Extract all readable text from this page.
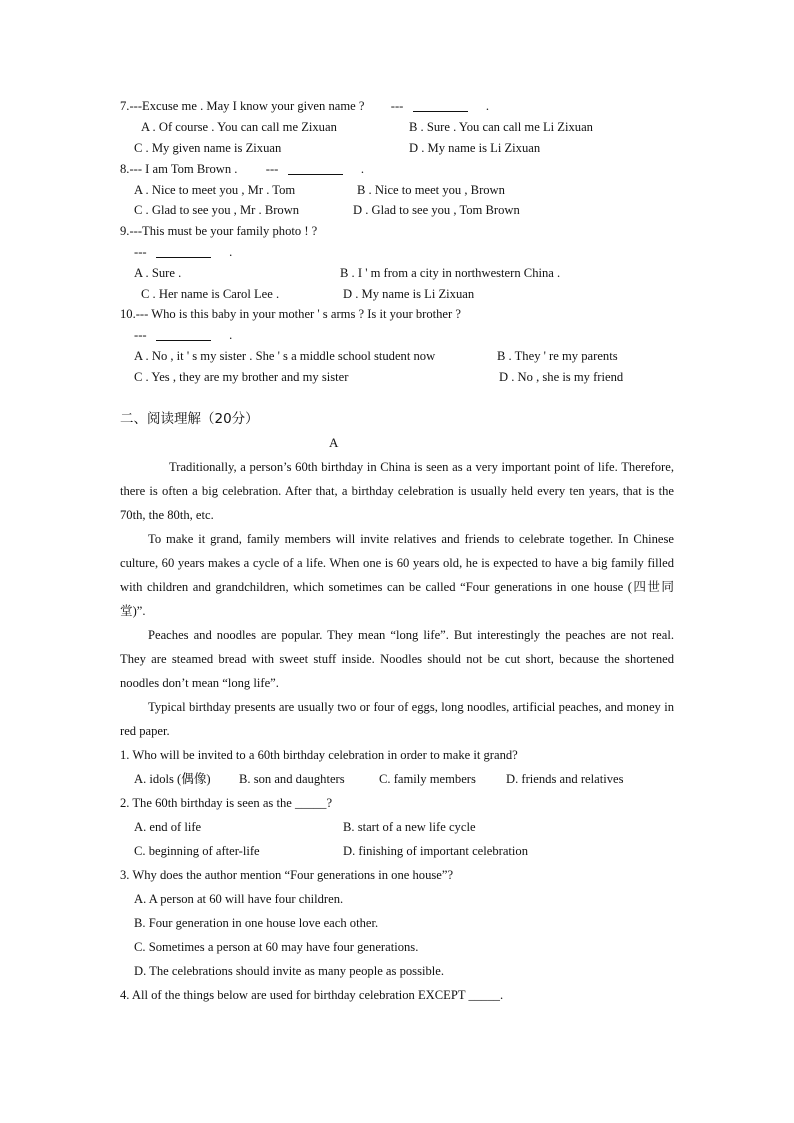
7.---Excuse me . May I know your given name ? ---	.
A . Of course . You can call me Zixuan	B . Sure . You can call me Li Zixuan
C . My given name is Zixuan	D . My name is Li Zixuan
8.--- I am Tom Brown . ---	.
A . Nice to meet you , Mr . Tom	B . Nice to meet you , Brown
C . Glad to see you , Mr . Brown	D . Glad to see you , Tom Brown
9.---This must be your family photo ! ?
---	.
A . Sure .	B . I ' m from a city in northwestern China .
C . Her name is Carol Lee .	D . My name is Li Zixuan
10.--- Who is this baby in your mother ' s arms ? Is it your brother ?
---	.
A . No , it ' s my sister . She ' s a middle school student now	B . They ' re my parents
C . Yes , they are my brother and my sister	D . No , she is my friend
二、阅读理解（20分）
A
Traditionally, a person’s 60th birthday in China is seen as a very important point of life. Therefore, there is often a big celebration. After that, a birthday celebration is usually held every ten years, that is the 70th, the 80th, etc.
To make it grand, family members will invite relatives and friends to celebrate together. In Chinese culture, 60 years makes a cycle of a life. When one is 60 years old, he is expected to have a big family filled with children and grandchildren, which sometimes can be called “Four generations in one house (四世同堂)”.
Peaches and noodles are popular. They mean “long life”. But interestingly the peaches are not real. They are steamed bread with sweet stuff inside. Noodles should not be cut short, because the shortened noodles don’t mean “long life”.
Typical birthday presents are usually two or four of eggs, long noodles, artificial peaches, and money in red paper.
1. Who will be invited to a 60th birthday celebration in order to make it grand?
A. idols (偶像) B. son and daughters	C. family members D. friends and relatives
2. The 60th birthday is seen as the _____?
A. end of life	B. start of a new life cycle
C. beginning of after-life	D. finishing of important celebration
3. Why does the author mention “Four generations in one house”?
A. A person at 60 will have four children.
B. Four generation in one house love each other.
C. Sometimes a person at 60 may have four generations.
D. The celebrations should invite as many people as possible.
4. All of the things below are used for birthday celebration EXCEPT _____.
